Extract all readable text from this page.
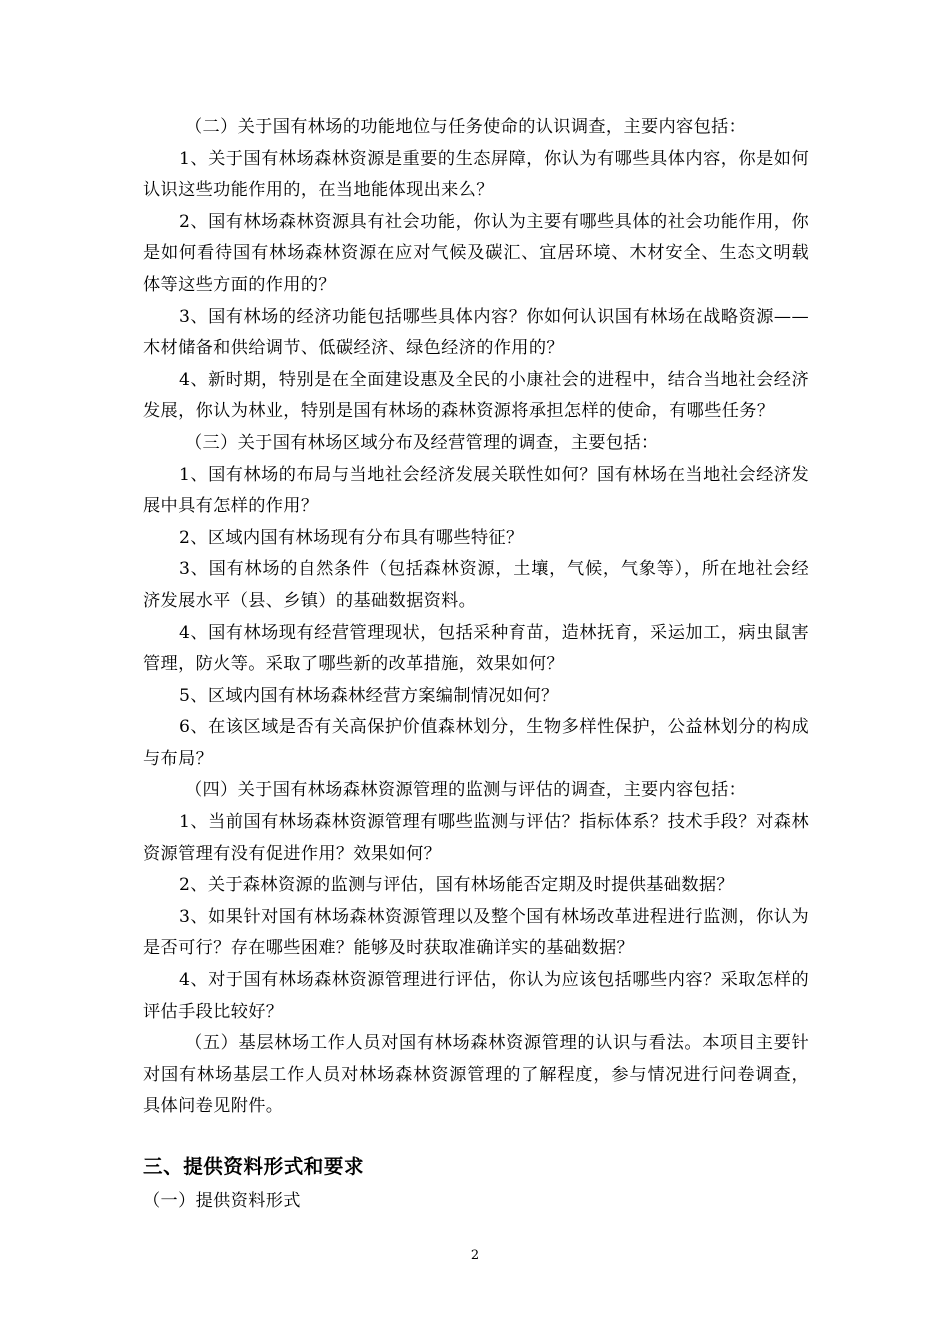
（二）关于国有林场的功能地位与任务使命的认识调查，主要内容包括：

1、关于国有林场森林资源是重要的生态屏障，你认为有哪些具体内容，你是如何认识这些功能作用的，在当地能体现出来么？

2、国有林场森林资源具有社会功能，你认为主要有哪些具体的社会功能作用，你是如何看待国有林场森林资源在应对气候及碳汇、宜居环境、木材安全、生态文明载体等这些方面的作用的？

3、国有林场的经济功能包括哪些具体内容？你如何认识国有林场在战略资源——木材储备和供给调节、低碳经济、绿色经济的作用的？

4、新时期，特别是在全面建设惠及全民的小康社会的进程中，结合当地社会经济发展，你认为林业，特别是国有林场的森林资源将承担怎样的使命，有哪些任务？

（三）关于国有林场区域分布及经营管理的调查，主要包括：

1、国有林场的布局与当地社会经济发展关联性如何？国有林场在当地社会经济发展中具有怎样的作用？

2、区域内国有林场现有分布具有哪些特征？

3、国有林场的自然条件（包括森林资源，土壤，气候，气象等），所在地社会经济发展水平（县、乡镇）的基础数据资料。

4、国有林场现有经营管理现状，包括采种育苗，造林抚育，采运加工，病虫鼠害管理，防火等。采取了哪些新的改革措施，效果如何？

5、区域内国有林场森林经营方案编制情况如何？

6、在该区域是否有关高保护价值森林划分，生物多样性保护，公益林划分的构成与布局？

（四）关于国有林场森林资源管理的监测与评估的调查，主要内容包括：

1、当前国有林场森林资源管理有哪些监测与评估？指标体系？技术手段？对森林资源管理有没有促进作用？效果如何？

2、关于森林资源的监测与评估，国有林场能否定期及时提供基础数据？

3、如果针对国有林场森林资源管理以及整个国有林场改革进程进行监测，你认为是否可行？存在哪些困难？能够及时获取准确详实的基础数据？

4、对于国有林场森林资源管理进行评估，你认为应该包括哪些内容？采取怎样的评估手段比较好？

（五）基层林场工作人员对国有林场森林资源管理的认识与看法。本项目主要针对国有林场基层工作人员对林场森林资源管理的了解程度，参与情况进行问卷调查，具体问卷见附件。

三、提供资料形式和要求

（一）提供资料形式

2
